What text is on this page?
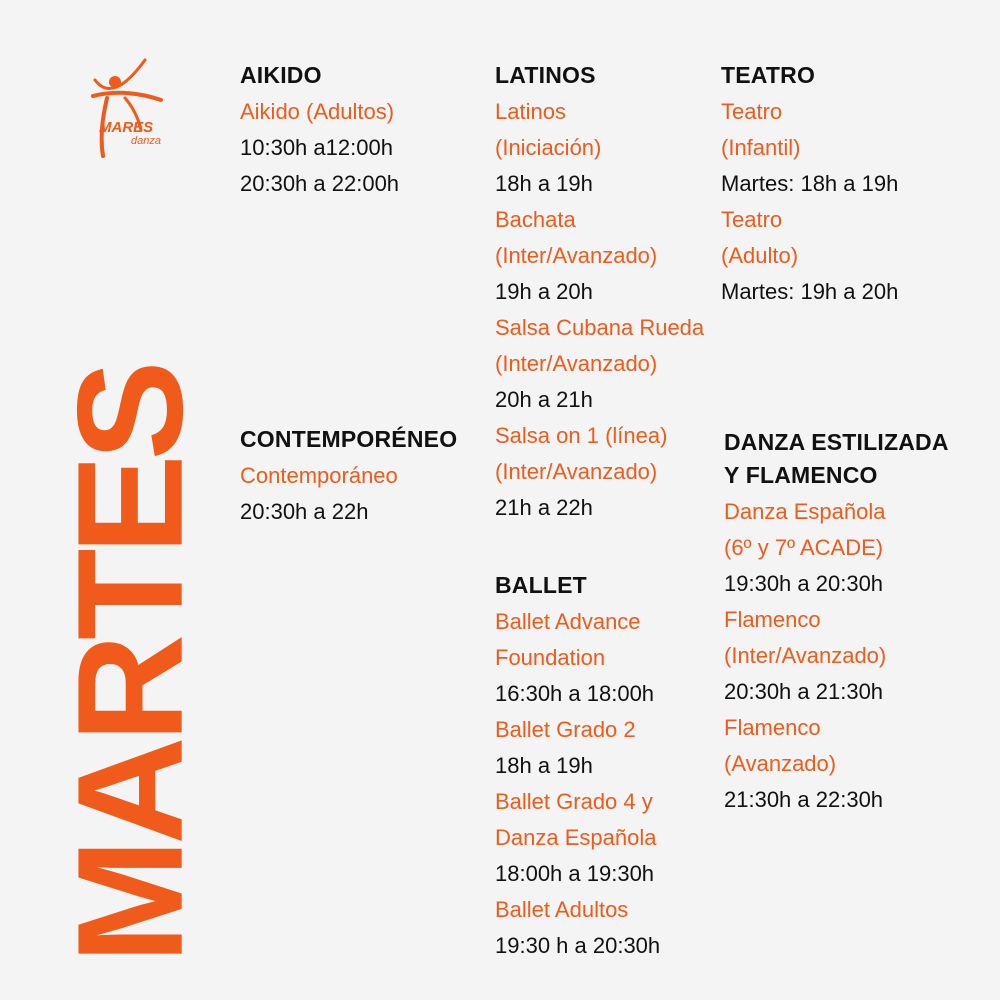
MARES
danza
MARTES
AIKIDO
Aikido (Adultos)
10:30h a12:00h
20:30h a 22:00h
CONTEMPORÉNEO
Contemporáneo
20:30h a 22h
LATINOS
Latinos
(Iniciación)
18h a 19h
Bachata
(Inter/Avanzado)
19h a 20h
Salsa Cubana Rueda
(Inter/Avanzado)
20h a 21h
Salsa on 1 (línea)
(Inter/Avanzado)
21h a 22h
BALLET
Ballet Advance
Foundation
16:30h a 18:00h
Ballet Grado 2
18h a 19h
Ballet Grado 4 y
Danza Española
18:00h a 19:30h
Ballet Adultos
19:30 h a 20:30h
TEATRO
Teatro
(Infantil)
Martes: 18h a 19h
Teatro
(Adulto)
Martes: 19h a 20h
DANZA ESTILIZADA
Y FLAMENCO
Danza Española
(6º y 7º ACADE)
19:30h a 20:30h
Flamenco
(Inter/Avanzado)
20:30h a 21:30h
Flamenco
(Avanzado)
21:30h a 22:30h
